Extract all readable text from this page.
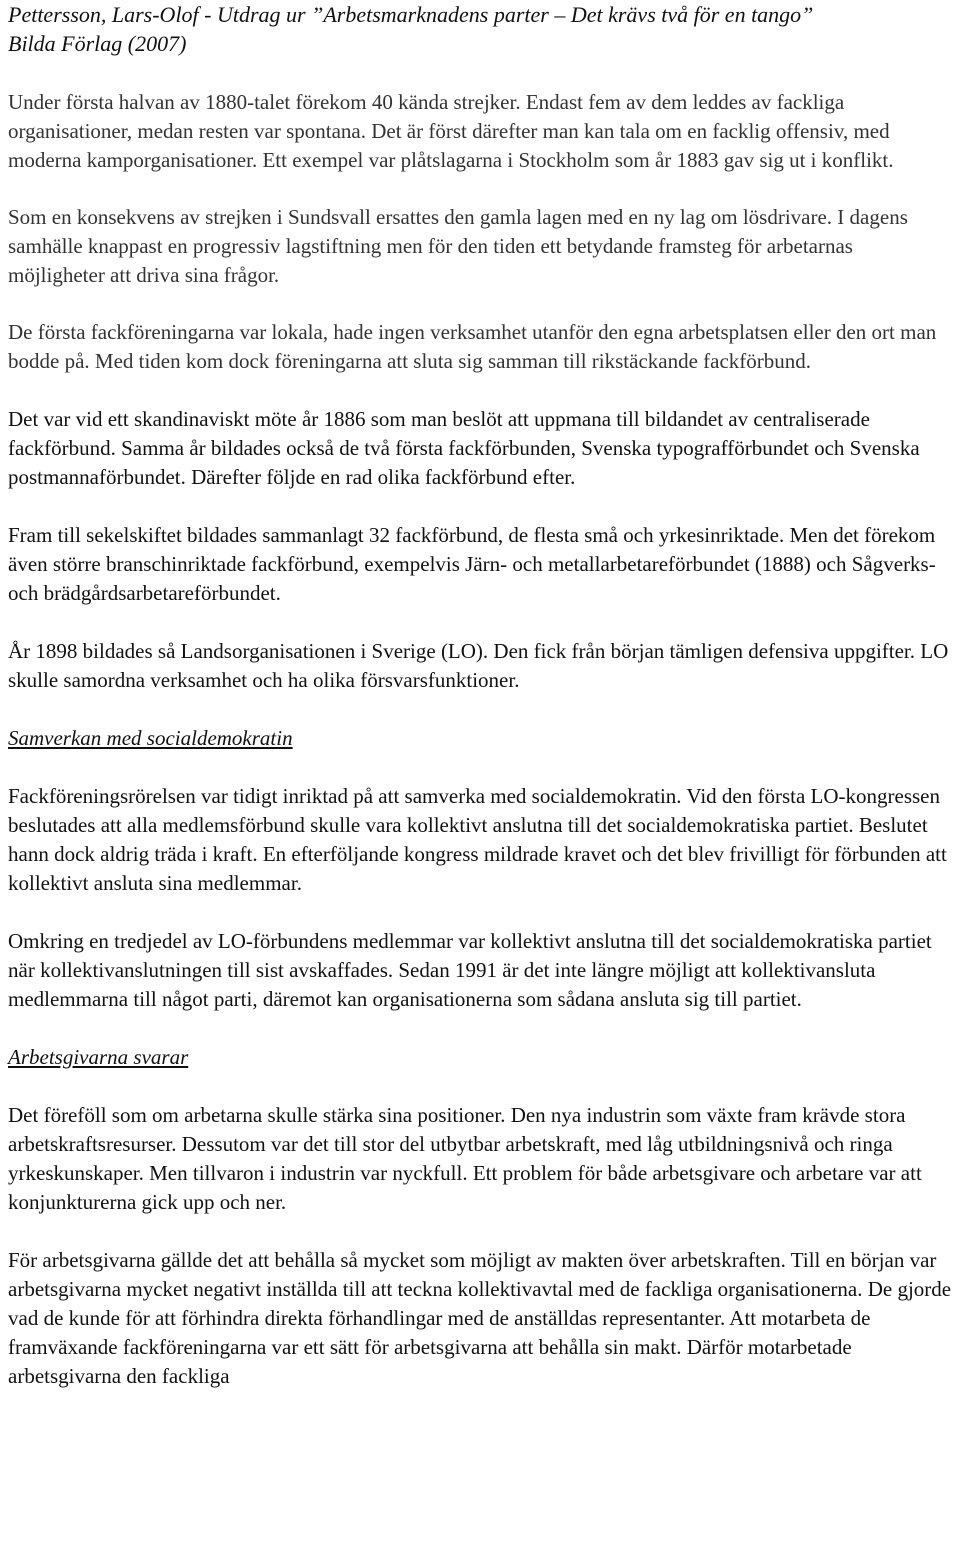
Pettersson, Lars-Olof - Utdrag ur ”Arbetsmarknadens parter – Det krävs två för en tango”
Bilda Förlag (2007)

Under första halvan av 1880-talet förekom 40 kända strejker. Endast fem av dem leddes av fackliga organisationer, medan resten var spontana. Det är först därefter man kan tala om en facklig offensiv, med moderna kamporganisationer. Ett exempel var plåtslagarna i Stockholm som år 1883 gav sig ut i konflikt.

Som en konsekvens av strejken i Sundsvall ersattes den gamla lagen med en ny lag om lösdrivare. I dagens samhälle knappast en progressiv lagstiftning men för den tiden ett betydande framsteg för arbetarnas möjligheter att driva sina frågor.

De första fackföreningarna var lokala, hade ingen verksamhet utanför den egna arbetsplatsen eller den ort man bodde på. Med tiden kom dock föreningarna att sluta sig samman till rikstäckande fackförbund.

Det var vid ett skandinaviskt möte år 1886 som man beslöt att uppmana till bildandet av centraliserade fackförbund. Samma år bildades också de två första fackförbunden, Svenska typografförbundet och Svenska postmannaförbundet. Därefter följde en rad olika fackförbund efter.

Fram till sekelskiftet bildades sammanlagt 32 fackförbund, de flesta små och yrkesinriktade. Men det förekom även större branschinriktade fackförbund, exempelvis Järn- och metallarbetareförbundet (1888) och Sågverks- och brädgårdsarbetareförbundet.

År 1898 bildades så Landsorganisationen i Sverige (LO). Den fick från början tämligen defensiva uppgifter. LO skulle samordna verksamhet och ha olika försvarsfunktioner.

Samverkan med socialdemokratin

Fackföreningsrörelsen var tidigt inriktad på att samverka med socialdemokratin. Vid den första LO-kongressen beslutades att alla medlemsförbund skulle vara kollektivt anslutna till det socialdemokratiska partiet. Beslutet hann dock aldrig träda i kraft. En efterföljande kongress mildrade kravet och det blev frivilligt för förbunden att kollektivt ansluta sina medlemmar.

Omkring en tredjedel av LO-förbundens medlemmar var kollektivt anslutna till det socialdemokratiska partiet när kollektivanslutningen till sist avskaffades. Sedan 1991 är det inte längre möjligt att kollektivansluta medlemmarna till något parti, däremot kan organisationerna som sådana ansluta sig till partiet.

Arbetsgivarna svarar

Det föreföll som om arbetarna skulle stärka sina positioner. Den nya industrin som växte fram krävde stora arbetskraftsresurser. Dessutom var det till stor del utbytbar arbetskraft, med låg utbildningsnivå och ringa yrkeskunskaper. Men tillvaron i industrin var nyckfull. Ett problem för både arbetsgivare och arbetare var att konjunkturerna gick upp och ner.

För arbetsgivarna gällde det att behålla så mycket som möjligt av makten över arbetskraften. Till en början var arbetsgivarna mycket negativt inställda till att teckna kollektivavtal med de fackliga organisationerna. De gjorde vad de kunde för att förhindra direkta förhandlingar med de anställdas representanter. Att motarbeta de framväxande fackföreningarna var ett sätt för arbetsgivarna att behålla sin makt. Därför motarbetade arbetsgivarna den fackliga
